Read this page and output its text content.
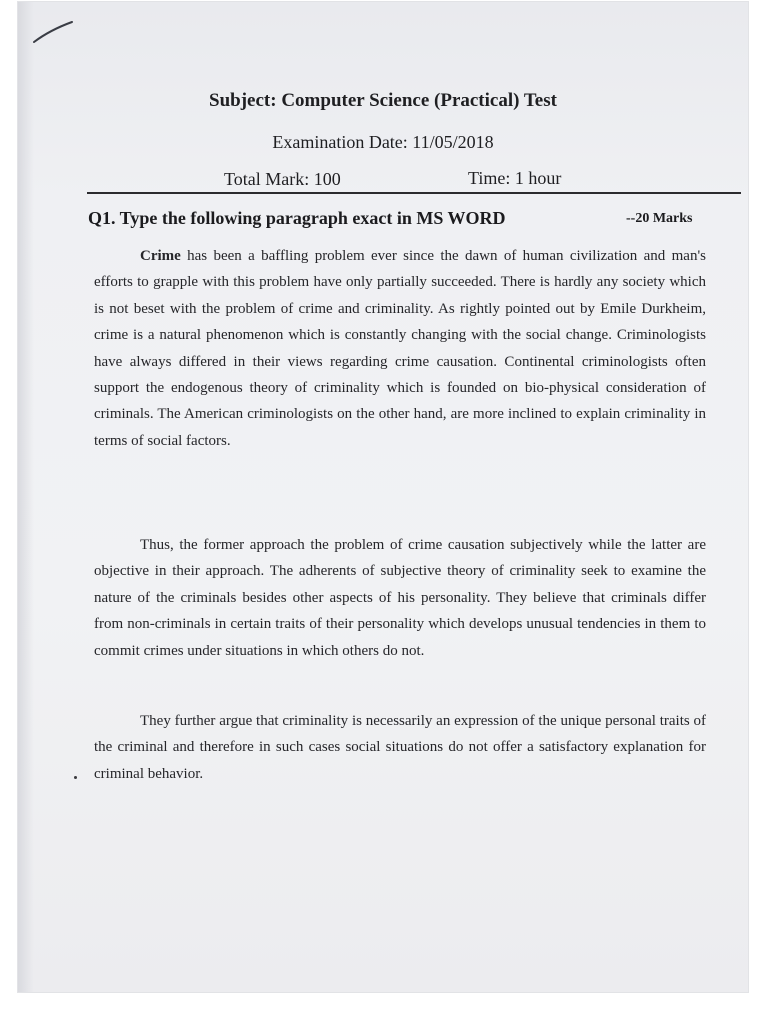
Subject: Computer Science (Practical) Test
Examination Date: 11/05/2018
Total Mark: 100	Time: 1 hour
Q1. Type the following paragraph exact in MS WORD	--20 Marks

Crime has been a baffling problem ever since the dawn of human civilization and man's efforts to grapple with this problem have only partially succeeded. There is hardly any society which is not beset with the problem of crime and criminality. As rightly pointed out by Emile Durkheim, crime is a natural phenomenon which is constantly changing with the social change. Criminologists have always differed in their views regarding crime causation. Continental criminologists often support the endogenous theory of criminality which is founded on bio-physical consideration of criminals. The American criminologists on the other hand, are more inclined to explain criminality in terms of social factors.

Thus, the former approach the problem of crime causation subjectively while the latter are objective in their approach. The adherents of subjective theory of criminality seek to examine the nature of the criminals besides other aspects of his personality. They believe that criminals differ from non-criminals in certain traits of their personality which develops unusual tendencies in them to commit crimes under situations in which others do not.

They further argue that criminality is necessarily an expression of the unique personal traits of the criminal and therefore in such cases social situations do not offer a satisfactory explanation for criminal behavior.
